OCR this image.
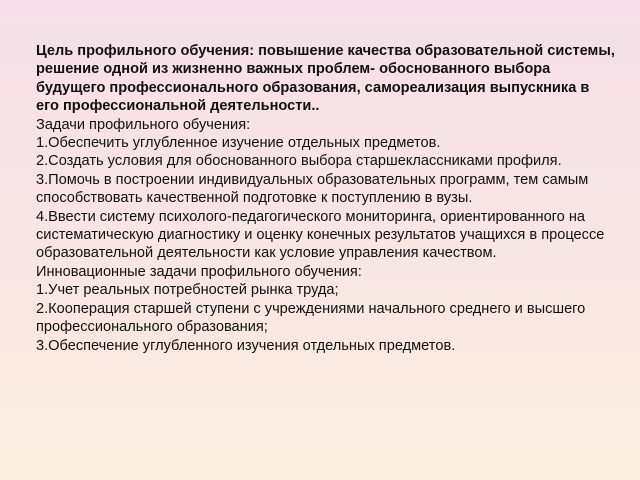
Цель профильного обучения: повышение качества образовательной системы, решение одной из жизненно важных проблем- обоснованного выбора будущего профессионального образования, самореализация выпускника в его профессиональной деятельности..

Задачи профильного обучения:

1.Обеспечить углубленное изучение отдельных предметов.

2.Создать условия для обоснованного выбора старшеклассниками профиля.

3.Помочь в построении индивидуальных образовательных программ, тем самым способствовать качественной подготовке к поступлению в вузы.

4.Ввести систему психолого-педагогического мониторинга, ориентированного на систематическую диагностику и оценку конечных результатов учащихся в процессе образовательной деятельности как условие управления качеством.

Инновационные задачи профильного обучения:

1.Учет реальных потребностей рынка труда;

2.Кооперация старшей ступени с учреждениями начального среднего и высшего профессионального образования;

3.Обеспечение углубленного изучения отдельных предметов.
